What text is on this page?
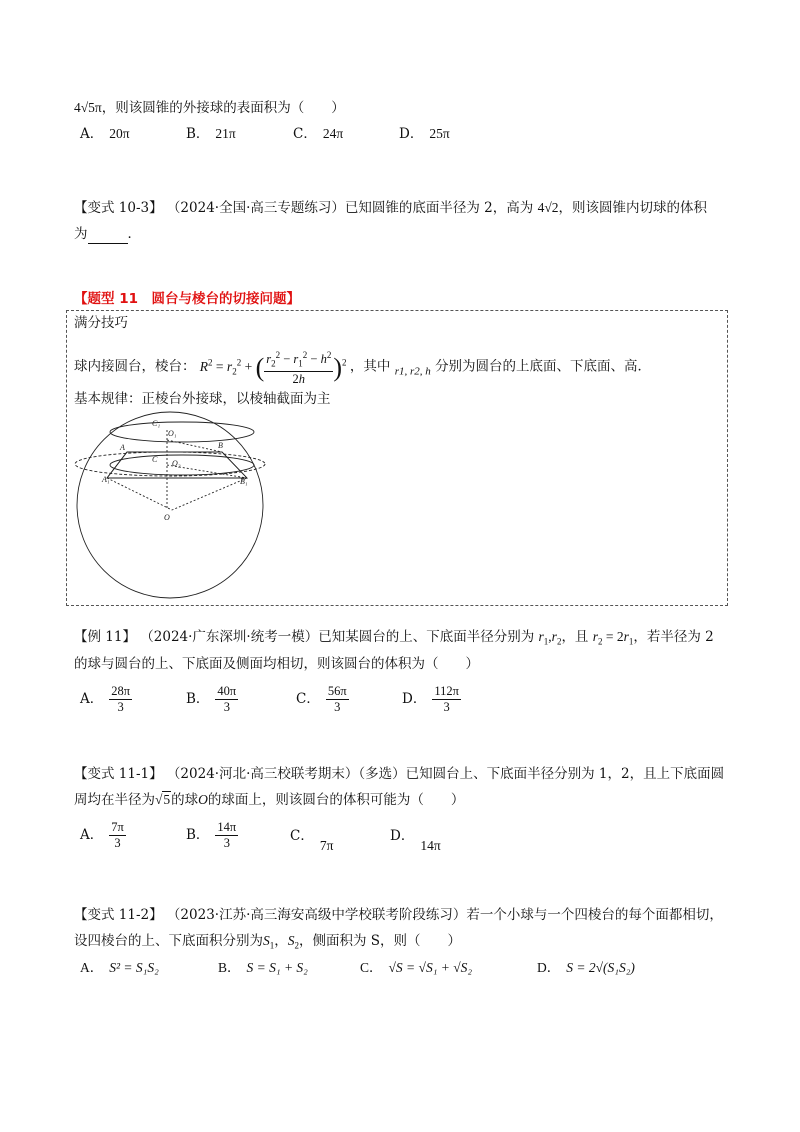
4√5π，则该圆锥的外接球的表面积为（　　）
A． 20π	B． 21π	C． 24π	D． 25π
【变式 10-3】 （2024·全国·高三专题练习）已知圆锥的底面半径为 2，高为 4√2，则该圆锥内切球的体积
为	．
【题型 11　圆台与棱台的切接问题】
满分技巧
球内接圆台，棱台： $R^2 = r_2^2$ + ( $\frac{r_2^2 - r_1^2 - h^2}{2h} )^2$ ，其中 $_{r1, r2, h}$ 分别为圆台的上底面、下底面、高．
基本规律：正棱台外接球，以棱轴截面为主
C₁
O₁
A	B
C O₂
A₁	B₁
O
【例 11】 （2024·广东深圳·统考一模）已知某圆台的上、下底面半径分别为 $r_1,r_2$，且 $r_2 = 2r_1$，若半径为 2
的球与圆台的上、下底面及侧面均相切，则该圆台的体积为（　　）
A． $\frac{28\pi}{3}$	B． $\frac{40\pi}{3}$	C． $\frac{56\pi}{3}$	D． $\frac{112\pi}{3}$
【变式 11-1】 （2024·河北·高三校联考期末）（多选）已知圆台上、下底面半径分别为 1，2，且上下底面圆
周均在半径为√5的球O的球面上，则该圆台的体积可能为（　　）
A． $\frac{7\pi}{3}$	B． $\frac{14\pi}{3}$	C．7π
D．14π
【变式 11-2】 （2023·江苏·高三海安高级中学校联考阶段练习）若一个小球与一个四棱台的每个面都相切，
设四棱台的上、下底面积分别为$S_1$，$S_2$，侧面积为 S，则（　　）
A． S² = S₁S₂	B． S = S₁ + S₂	C． √S = √S₁ + √S₂	D． S = 2√(S₁S₂)
